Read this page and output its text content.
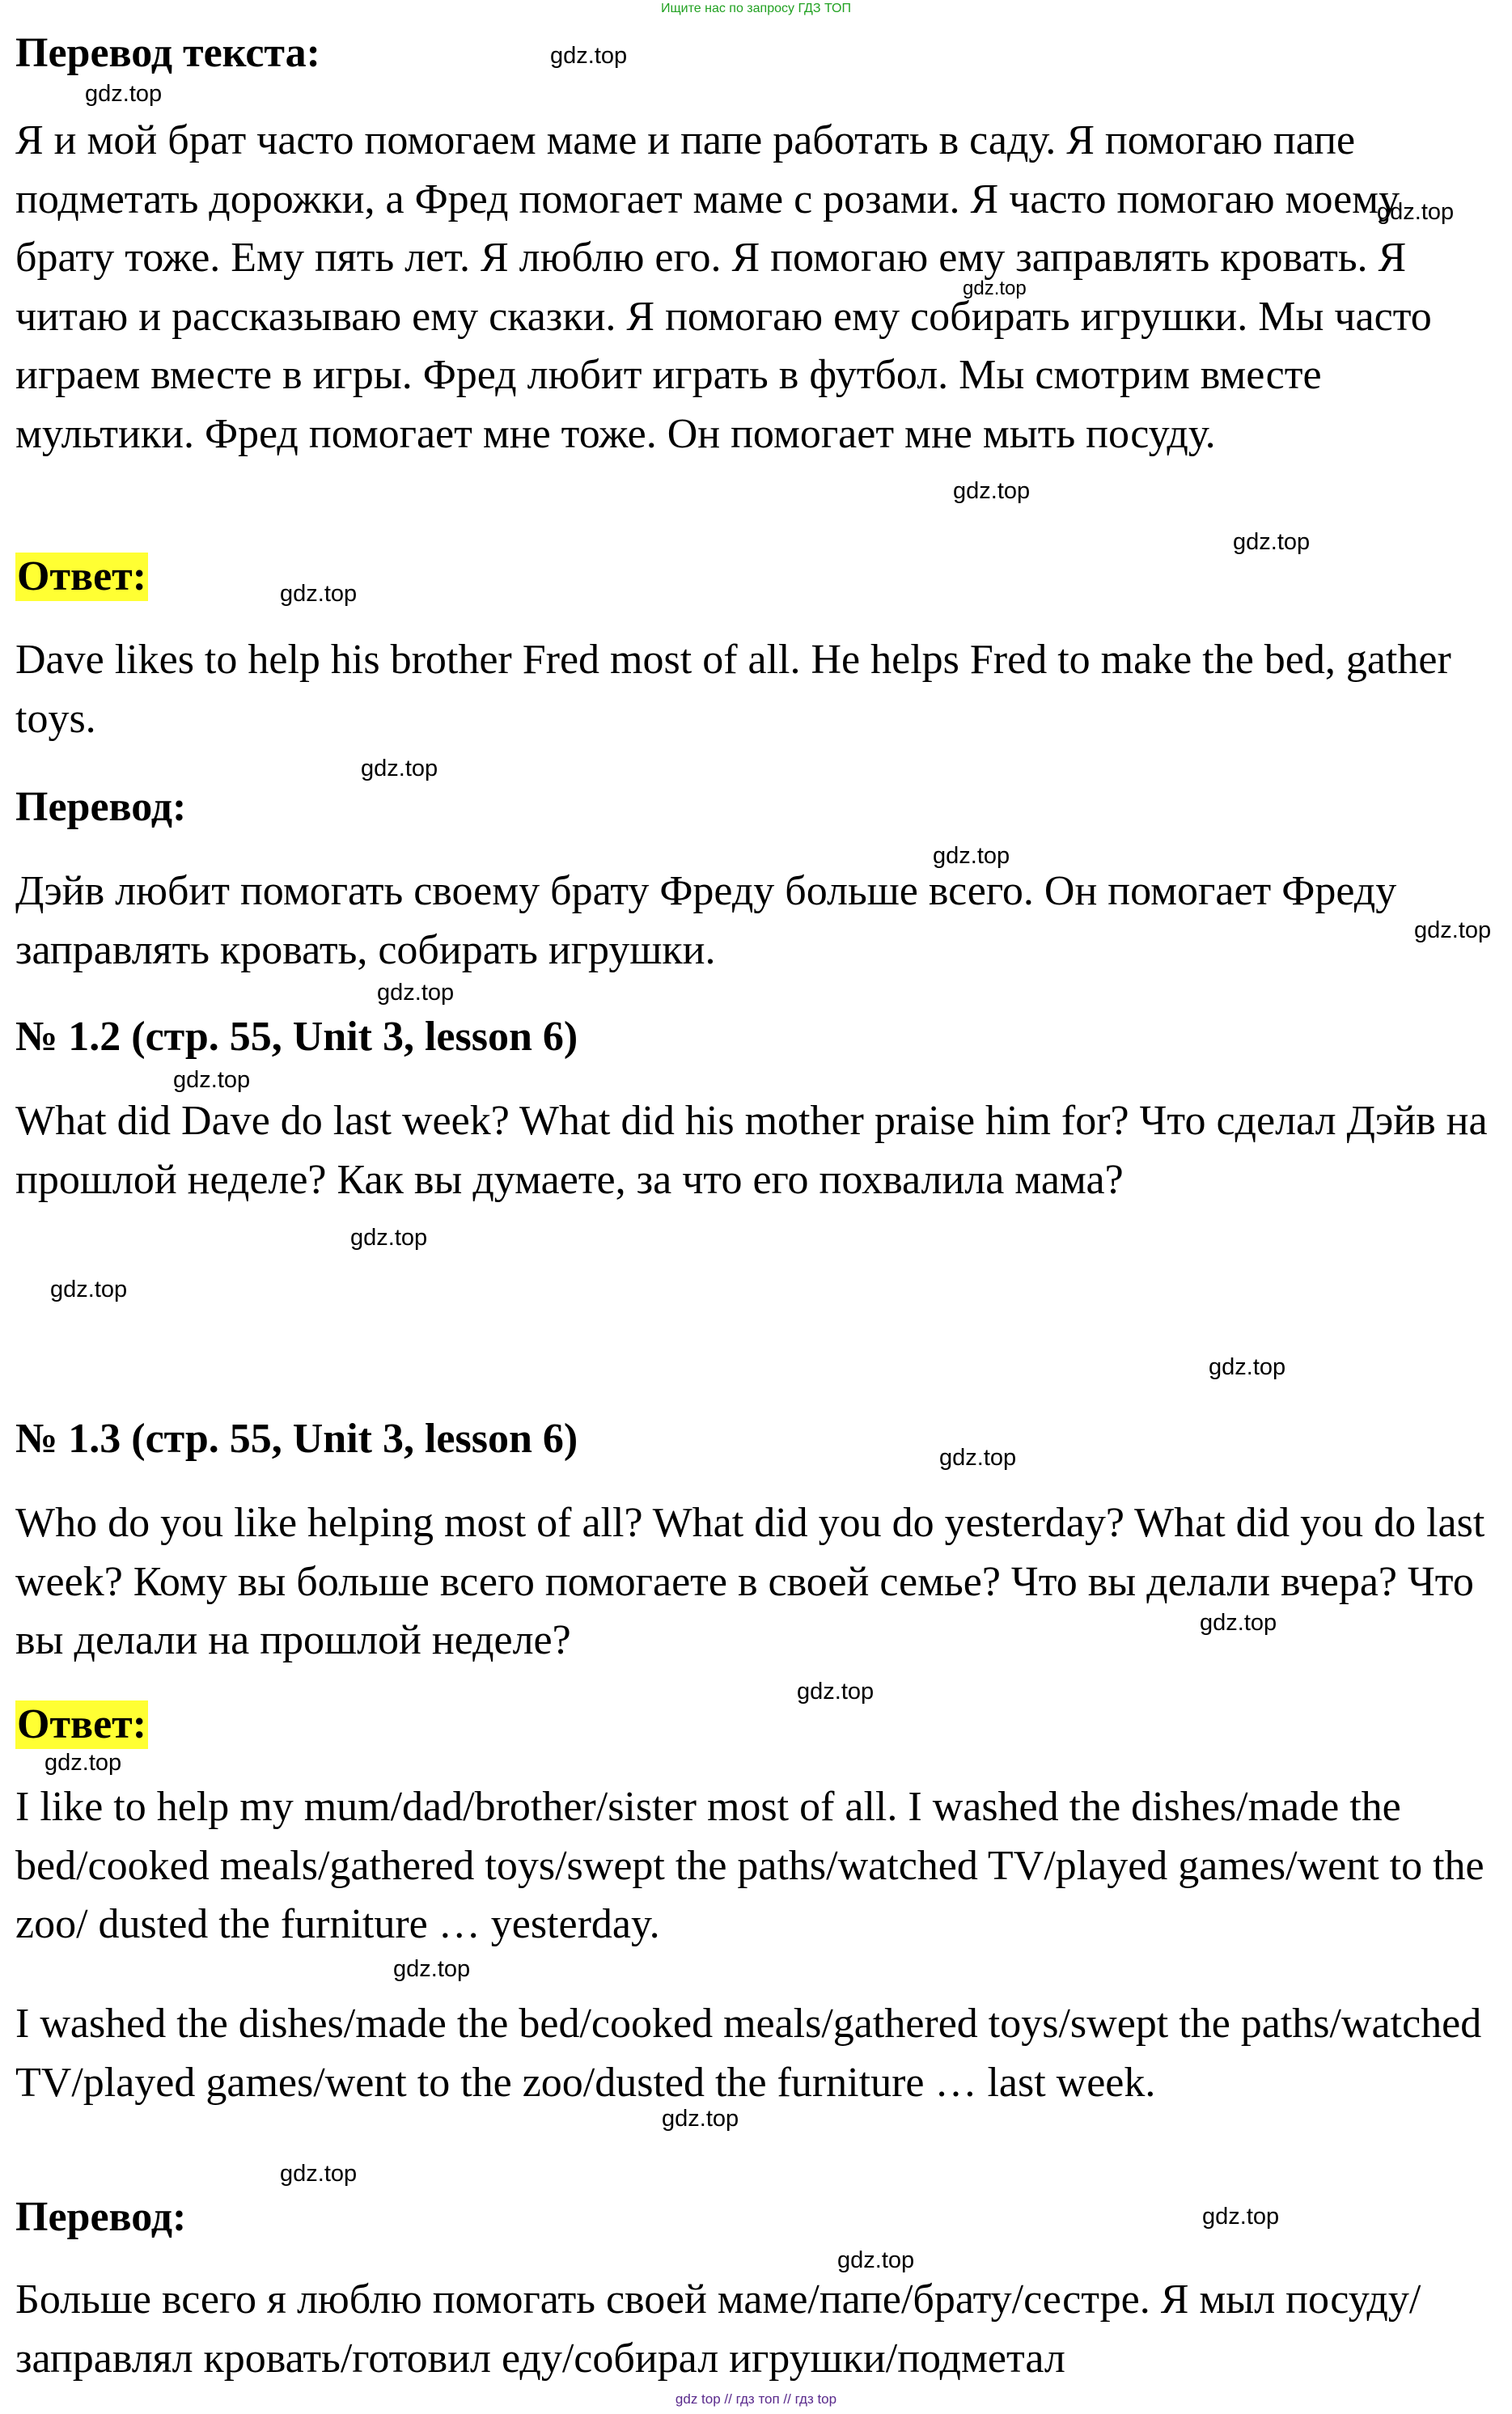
Ищите нас по запросу ГДЗ ТОП

Перевод текста:

Я и мой брат часто помогаем маме и папе работать в саду. Я помогаю папе подметать дорожки, а Фред помогает маме с розами. Я часто помогаю моему брату тоже. Ему пять лет. Я люблю его. Я помогаю ему заправлять кровать. Я читаю и рассказываю ему сказки. Я помогаю ему собирать игрушки. Мы часто играем вместе в игры. Фред любит играть в футбол. Мы смотрим вместе мультики. Фред помогает мне тоже. Он помогает мне мыть посуду.

Ответ:

Dave likes to help his brother Fred most of all. He helps Fred to make the bed, gather toys.

Перевод:

Дэйв любит помогать своему брату Фреду больше всего. Он помогает Фреду заправлять кровать, собирать игрушки.

№ 1.2 (стр. 55, Unit 3, lesson 6)

What did Dave do last week? What did his mother praise him for? Что сделал Дэйв на прошлой неделе? Как вы думаете, за что его похвалила мама?

№ 1.3 (стр. 55, Unit 3, lesson 6)

Who do you like helping most of all? What did you do yesterday? What did you do last week? Кому вы больше всего помогаете в своей семье? Что вы делали вчера? Что вы делали на прошлой неделе?

Ответ:

I like to help my mum/dad/brother/sister most of all. I washed the dishes/made the bed/cooked meals/gathered toys/swept the paths/watched TV/played games/went to the zoo/ dusted the furniture … yesterday.

I washed the dishes/made the bed/cooked meals/gathered toys/swept the paths/watched TV/played games/went to the zoo/dusted the furniture … last week.

Перевод:

Больше всего я люблю помогать своей маме/папе/брату/сестре. Я мыл посуду/заправлял кровать/готовил еду/собирал игрушки/подметал

gdz.top
gdz.top
gdz.top
gdz.top
gdz.top
gdz.top
gdz.top
gdz.top
gdz.top
gdz.top
gdz.top
gdz.top
gdz.top
gdz.top
gdz.top
gdz.top
gdz.top
gdz.top
gdz.top
gdz.top
gdz.top
gdz.top
gdz.top
gdz.top
gdz top // гдз топ // гдз top
